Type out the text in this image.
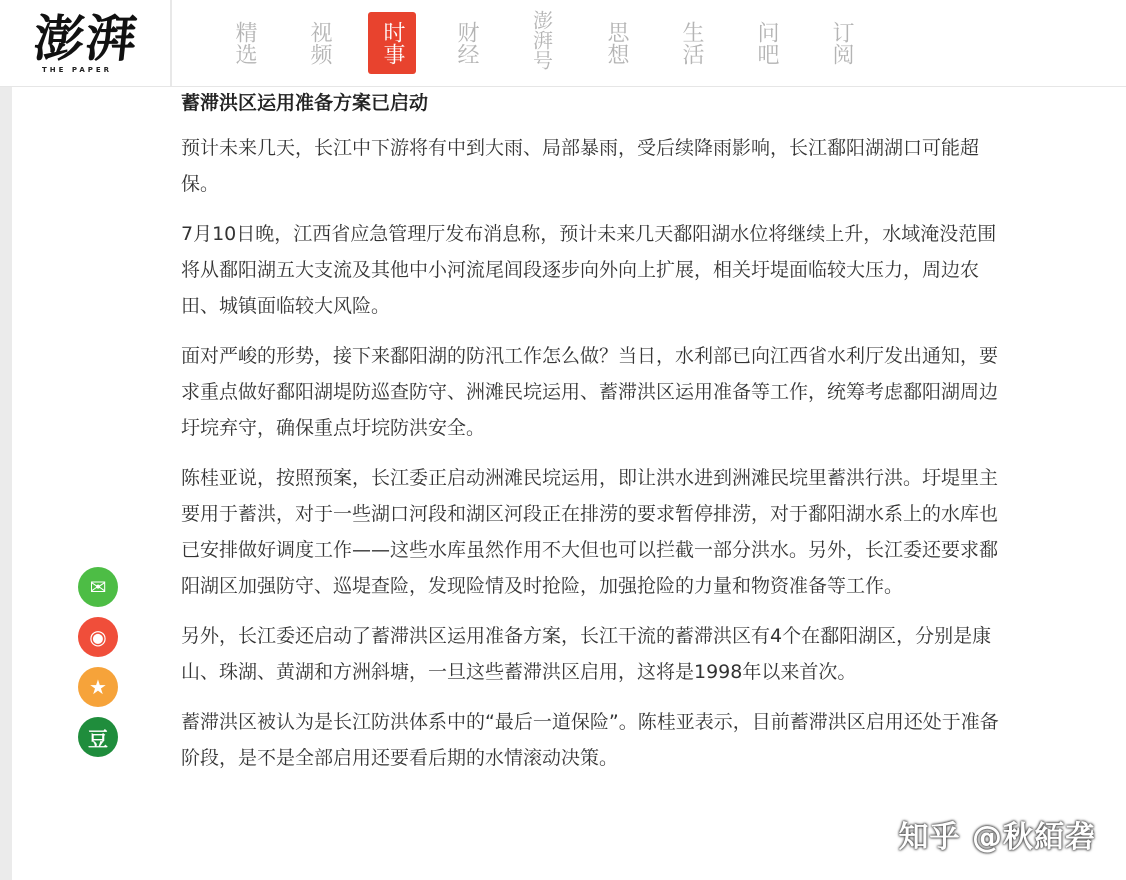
澎湃
THE PAPER
精选	视频	时事	财经	澎湃号	思想	生活	问吧	订阅
✉
◉
★
豆
蓄滞洪区运用准备方案已启动

预计未来几天，长江中下游将有中到大雨、局部暴雨，受后续降雨影响，长江鄱阳湖湖口可能超保。

7月10日晚，江西省应急管理厅发布消息称，预计未来几天鄱阳湖水位将继续上升，水域淹没范围将从鄱阳湖五大支流及其他中小河流尾闾段逐步向外向上扩展，相关圩堤面临较大压力，周边农田、城镇面临较大风险。

面对严峻的形势，接下来鄱阳湖的防汛工作怎么做？当日，水利部已向江西省水利厅发出通知，要求重点做好鄱阳湖堤防巡查防守、洲滩民垸运用、蓄滞洪区运用准备等工作，统筹考虑鄱阳湖周边圩垸弃守，确保重点圩垸防洪安全。

陈桂亚说，按照预案，长江委正启动洲滩民垸运用，即让洪水进到洲滩民垸里蓄洪行洪。圩堤里主要用于蓄洪，对于一些湖口河段和湖区河段正在排涝的要求暂停排涝，对于鄱阳湖水系上的水库也已安排做好调度工作——这些水库虽然作用不大但也可以拦截一部分洪水。另外，长江委还要求鄱阳湖区加强防守、巡堤查险，发现险情及时抢险，加强抢险的力量和物资准备等工作。

另外，长江委还启动了蓄滞洪区运用准备方案，长江干流的蓄滞洪区有4个在鄱阳湖区，分别是康山、珠湖、黄湖和方洲斜塘，一旦这些蓄滞洪区启用，这将是1998年以来首次。

蓄滞洪区被认为是长江防洪体系中的“最后一道保险”。陈桂亚表示，目前蓄滞洪区启用还处于准备阶段，是不是全部启用还要看后期的水情滚动决策。

知乎 @秋絔砻
